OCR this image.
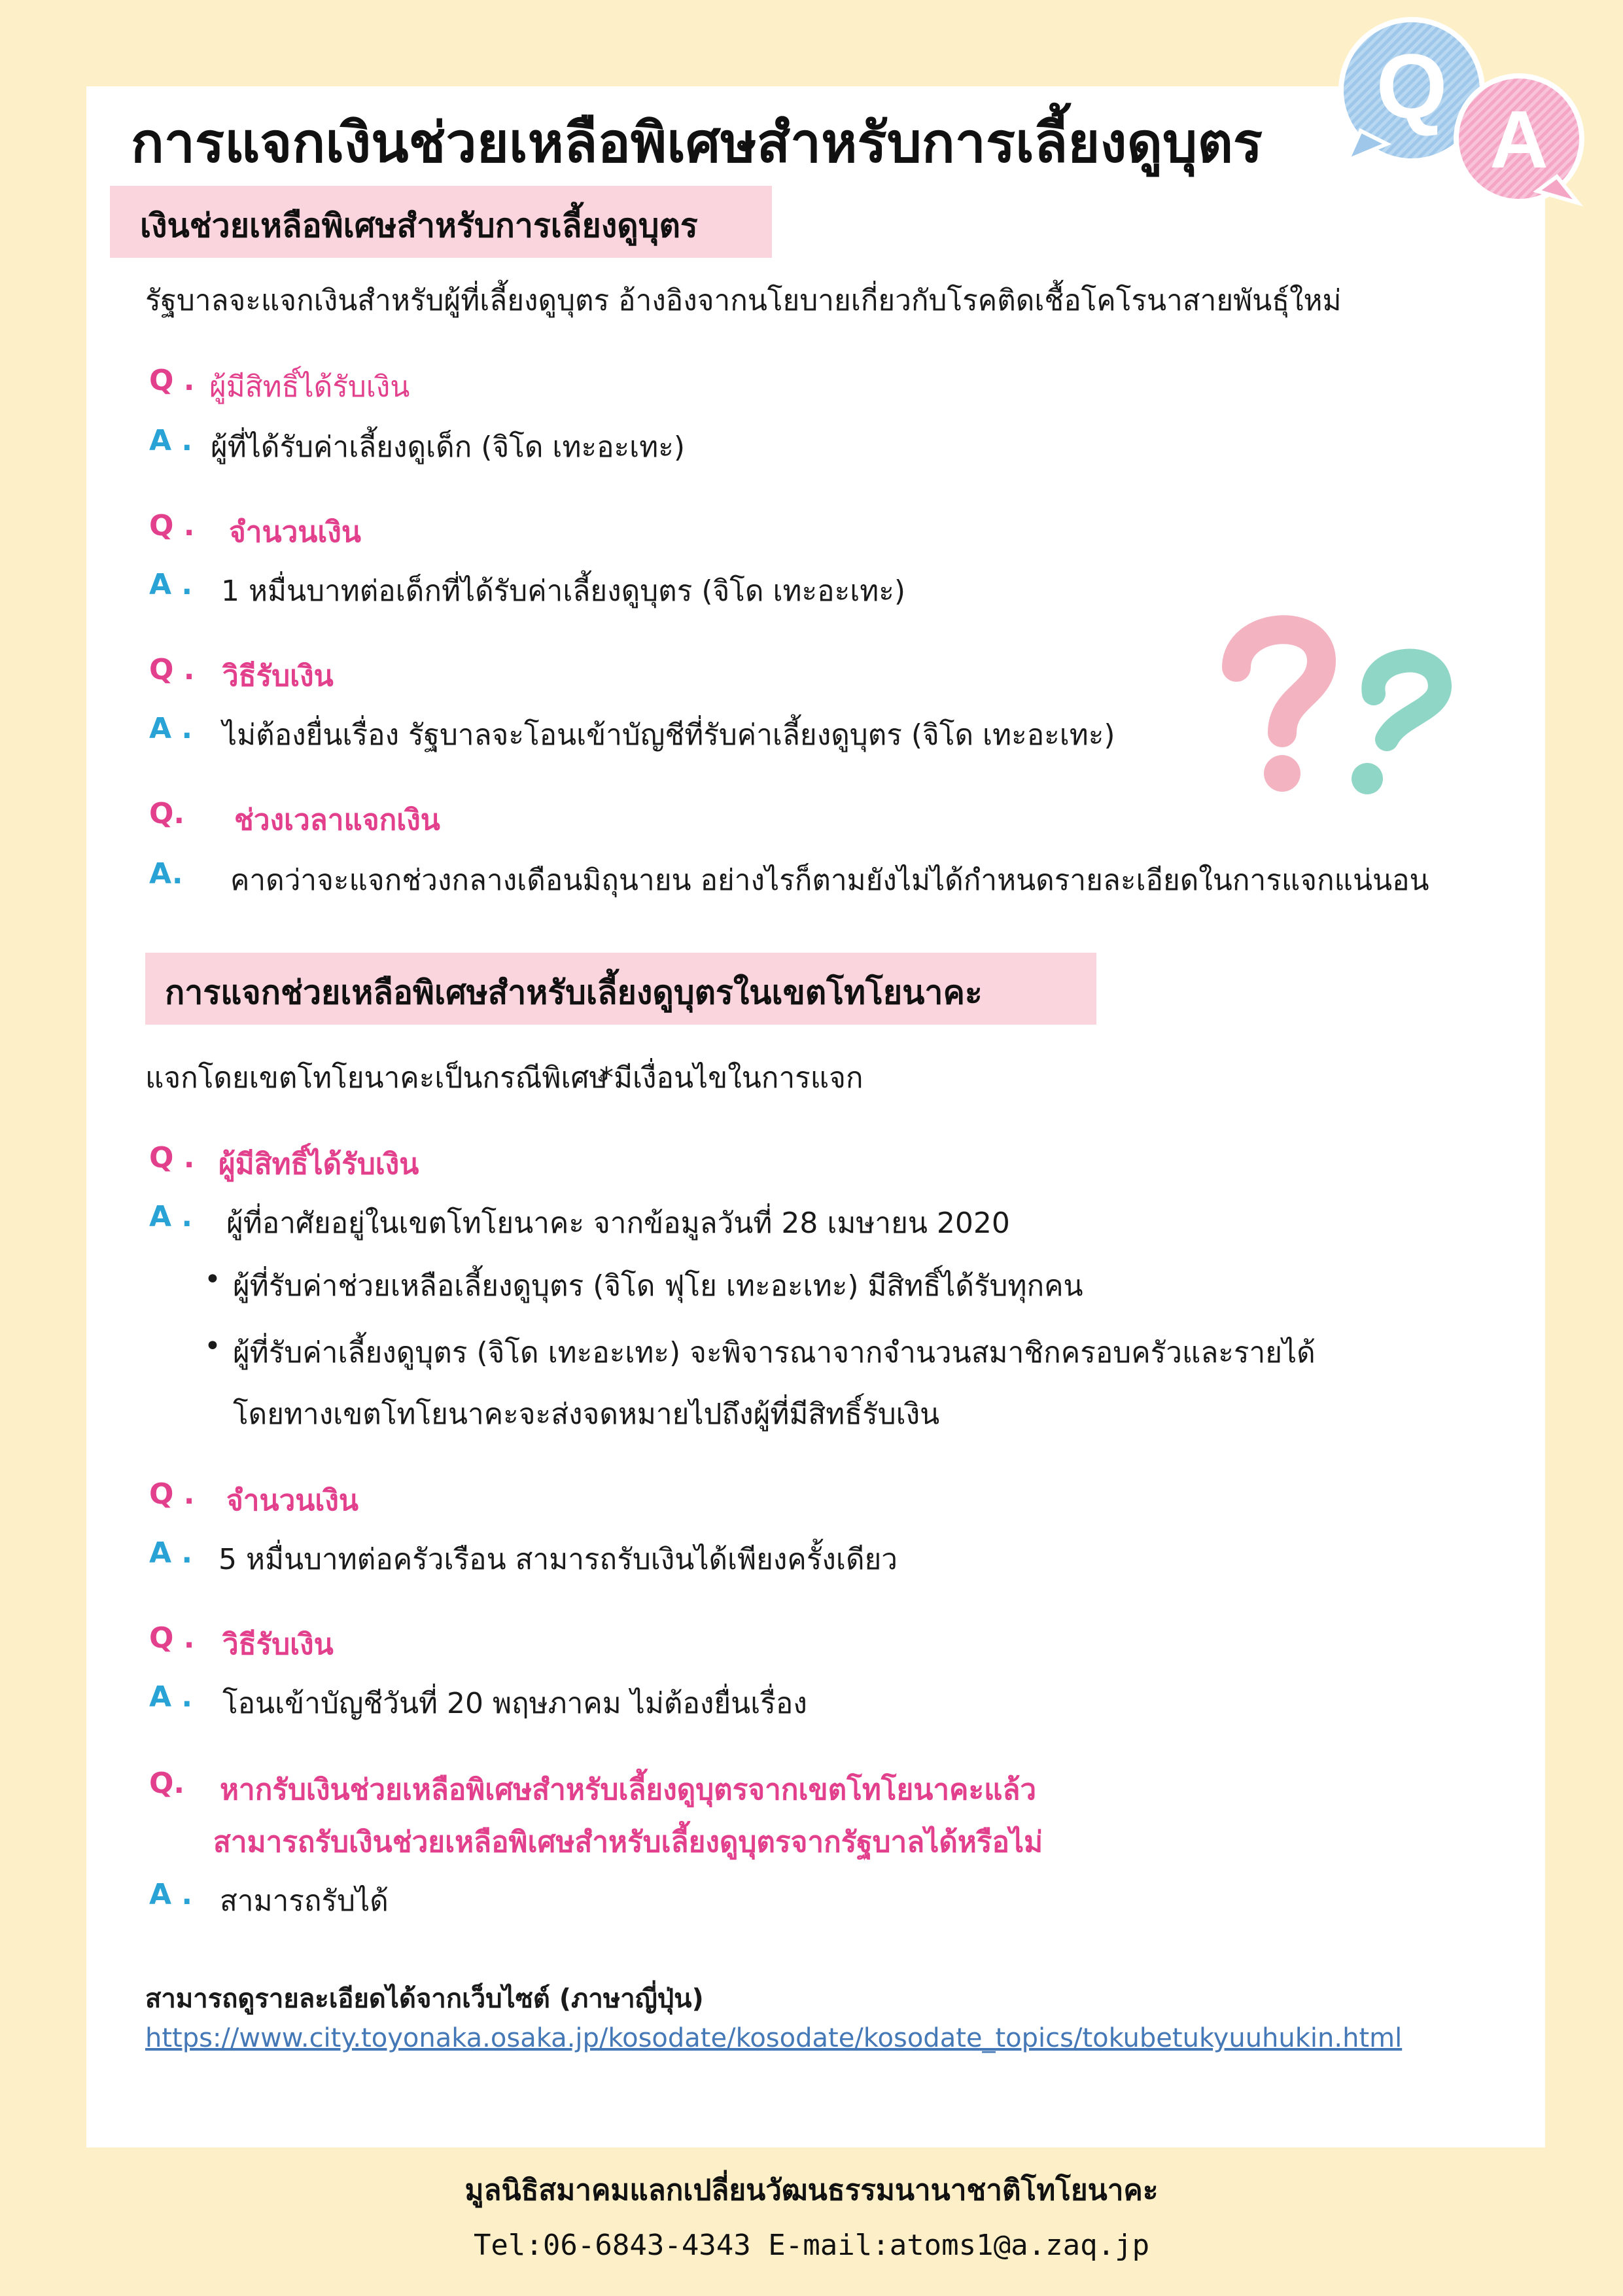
Q
A
การแจกเงินช่วยเหลือพิเศษสำหรับการเลี้ยงดูบุตร
เงินช่วยเหลือพิเศษสำหรับการเลี้ยงดูบุตร
รัฐบาลจะแจกเงินสำหรับผู้ที่เลี้ยงดูบุตร อ้างอิงจากนโยบายเกี่ยวกับโรคติดเชื้อโคโรนาสายพันธุ์ใหม่
Q . ผู้มีสิทธิ์ได้รับเงิน
A . ผู้ที่ได้รับค่าเลี้ยงดูเด็ก (จิโด เทะอะเทะ)
Q . จำนวนเงิน
A . 1 หมื่นบาทต่อเด็กที่ได้รับค่าเลี้ยงดูบุตร (จิโด เทะอะเทะ)
Q . วิธีรับเงิน
A . ไม่ต้องยื่นเรื่อง รัฐบาลจะโอนเข้าบัญชีที่รับค่าเลี้ยงดูบุตร (จิโด เทะอะเทะ)
Q. ช่วงเวลาแจกเงิน
A. คาดว่าจะแจกช่วงกลางเดือนมิถุนายน อย่างไรก็ตามยังไม่ได้กำหนดรายละเอียดในการแจกแน่นอน
การแจกช่วยเหลือพิเศษสำหรับเลี้ยงดูบุตรในเขตโทโยนาคะ
แจกโดยเขตโทโยนาคะเป็นกรณีพิเศษ
*มีเงื่อนไขในการแจก
Q . ผู้มีสิทธิ์ได้รับเงิน
A . ผู้ที่อาศัยอยู่ในเขตโทโยนาคะ จากข้อมูลวันที่ 28 เมษายน 2020
• ผู้ที่รับค่าช่วยเหลือเลี้ยงดูบุตร (จิโด ฟุโย เทะอะเทะ) มีสิทธิ์ได้รับทุกคน
• ผู้ที่รับค่าเลี้ยงดูบุตร (จิโด เทะอะเทะ) จะพิจารณาจากจำนวนสมาชิกครอบครัวและรายได้
โดยทางเขตโทโยนาคะจะส่งจดหมายไปถึงผู้ที่มีสิทธิ์รับเงิน
Q . จำนวนเงิน
A . 5 หมื่นบาทต่อครัวเรือน สามารถรับเงินได้เพียงครั้งเดียว
Q . วิธีรับเงิน
A . โอนเข้าบัญชีวันที่ 20 พฤษภาคม ไม่ต้องยื่นเรื่อง
Q. หากรับเงินช่วยเหลือพิเศษสำหรับเลี้ยงดูบุตรจากเขตโทโยนาคะแล้ว
สามารถรับเงินช่วยเหลือพิเศษสำหรับเลี้ยงดูบุตรจากรัฐบาลได้หรือไม่
A . สามารถรับได้
สามารถดูรายละเอียดได้จากเว็บไซต์ (ภาษาญี่ปุ่น)
https://www.city.toyonaka.osaka.jp/kosodate/kosodate/kosodate_topics/tokubetukyuuhukin.html
มูลนิธิสมาคมแลกเปลี่ยนวัฒนธรรมนานาชาติโทโยนาคะ
Tel:06-6843-4343 E-mail:atoms1@a.zaq.jp
